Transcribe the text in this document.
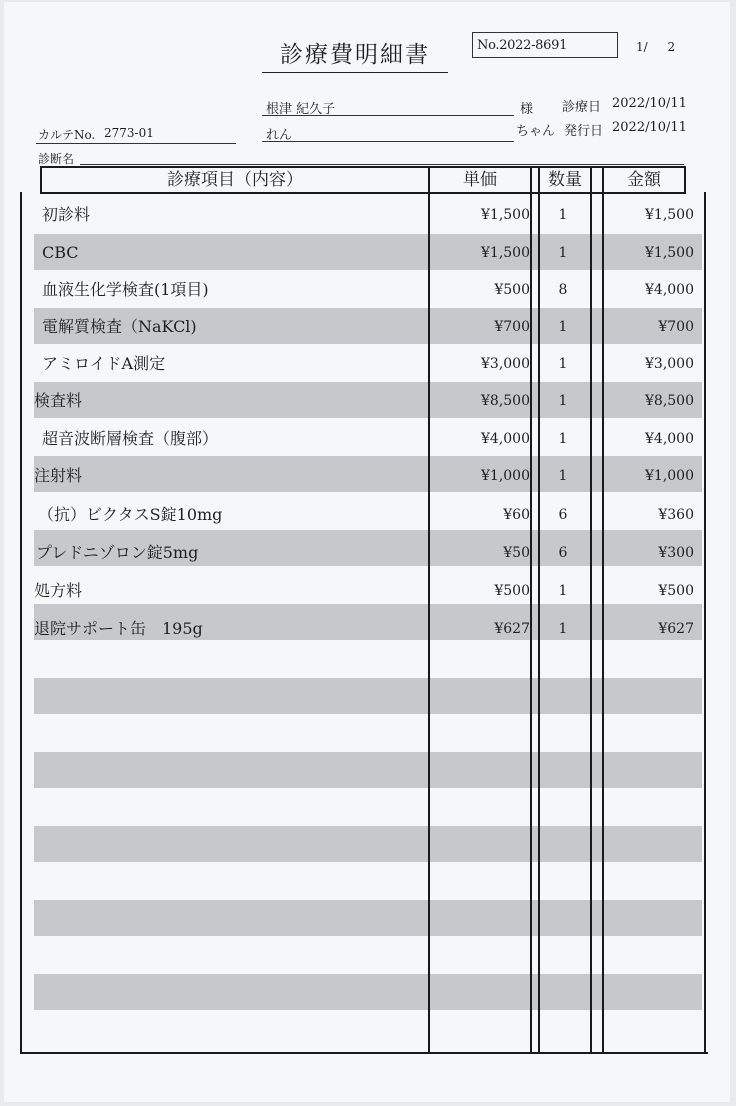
診療費明細書	No.2022-8691	1/ 2
根津 紀久子	様 診療日 2022/10/11
カルテNo. 2773-01	れん	ちゃん 発行日 2022/10/11
診断名
診療項目（内容）	単価	数量	金額
初診料	¥1,500	1	¥1,500
CBC	¥1,500	1	¥1,500
血液生化学検査(1項目)	¥500	8	¥4,000
電解質検査（NaKCl)	¥700	1	¥700
アミロイドA測定	¥3,000	1	¥3,000
検査料	¥8,500	1	¥8,500
超音波断層検査（腹部）	¥4,000	1	¥4,000
注射料	¥1,000	1	¥1,000
（抗）ビクタスS錠10mg	¥60	6	¥360
プレドニゾロン錠5mg	¥50	6	¥300
処方料	¥500	1	¥500
退院サポート缶　195g	¥627	1	¥627
